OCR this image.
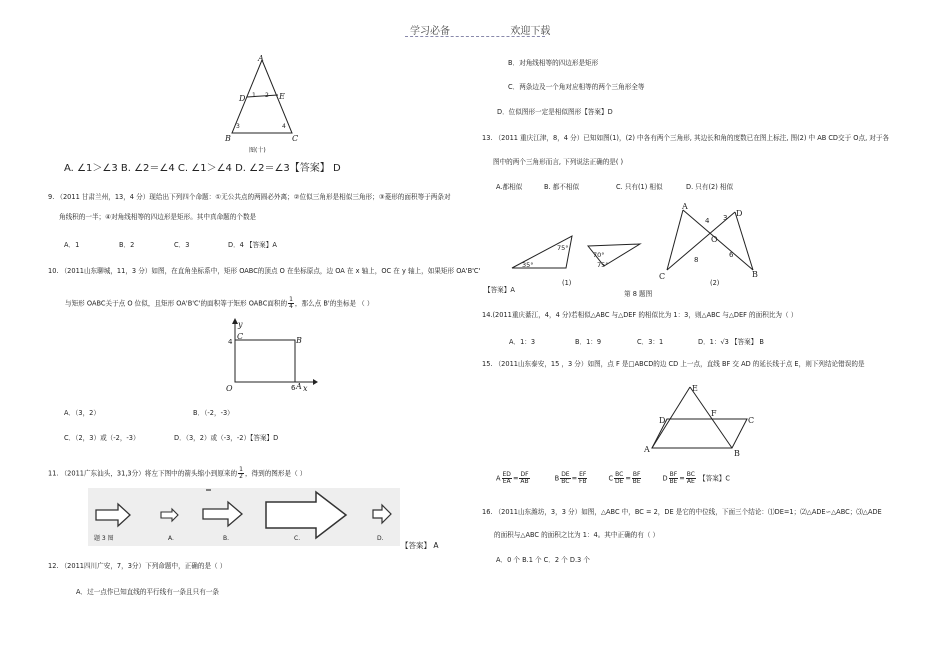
学习必备	欢迎下载
A
D	E
B	C
1 2
3	4
图(十)
A. ∠1＞∠3 B. ∠2＝∠4 C. ∠1＞∠4 D. ∠2＝∠3【答案】 D
9. （2011 甘肃兰州，13，4 分）现给出下列四个命题：①无公共点的两圆必外离；②位似三角形是相似三角形；③菱形的面积等于两条对
角线积的一半；④对角线相等的四边形是矩形。其中真命题的个数是
A．1	B．2	C．3	D．4 【答案】A
10. （2011山东聊城，11，3 分）如图，在直角坐标系中，矩形 OABC的顶点 O 在坐标原点，边 OA 在 x 轴上，OC 在 y 轴上，如果矩形 OA'B'C'
与矩形 OABC关于点 O 位似，且矩形 OA'B'C'的面积等于矩形 OABC面积的 $\frac{1}{4}$ ，那么点 B'的坐标是 （ ）
y
C	B
4
O	6 A x
A．（3，2）	B．（-2，-3）
C．（2，3）或（-2，-3）	D．（3，2）或（-3，-2）【答案】D
11. （2011广东汕头，31,3分）将左下图中的箭头缩小到原来的 $\frac{1}{2}$ ，得到的图形是（ ）
题 3 图	A.	B.	C.	D.
【答案】 A
12. （2011四川广安，7，3分）下列命题中，正确的是（ ）
A．过一点作已知直线的平行线有一条且只有一条
B．对角线相等的四边形是矩形
C．两条边及一个角对应相等的两个三角形全等
D．位似图形一定是相似图形【答案】D
13. （2011 重庆江津，8，4 分）已知如图(1)，(2) 中各有两个三角形, 其边长和角的度数已在图上标注, 图(2) 中 AB CD交于 O点, 对于各
图中的两个三角形而言, 下列说法正确的是( )
A.都相似	B. 都不相似	C. 只有(1) 相似	D. 只有(2) 相似
35°
75°
70°
75°
A
D
C	B
O
4 3
8
6
(1)	(2)
【答案】A	第 8 题图
14.(2011重庆綦江，4，4 分)若相似△ABC 与△DEF 的相似比为 1：3，则△ABC 与△DEF 的面积比为（ ）
A．1：3	B．1：9	C．3：1	D．1：√3 【答案】 B
15. （2011山东泰安，15 ，3 分）如图，点 F 是□ABCD的边 CD 上一点，直线 BF 交 AD 的延长线于点 E，则下列结论错误的是
E
D
F
C
A	B
A $\frac{ED}{EA} = \frac{DF}{AB}$	B $\frac{DE}{BC} = \frac{EF}{FB}$	C $\frac{BC}{DE} = \frac{BF}{BE}$	D $\frac{BF}{BE} = \frac{BC}{AE}$ 【答案】C
16. （2011山东潍坊，3，3 分）如图，△ABC 中，BC = 2，DE 是它的中位线，下面三个结论：⑴DE=1；⑵△ADE∽△ABC；⑶△ADE
的面积与△ABC 的面积之比为 1：4。其中正确的有（ ）
A．0 个 B.1 个 C．2 个 D.3 个
